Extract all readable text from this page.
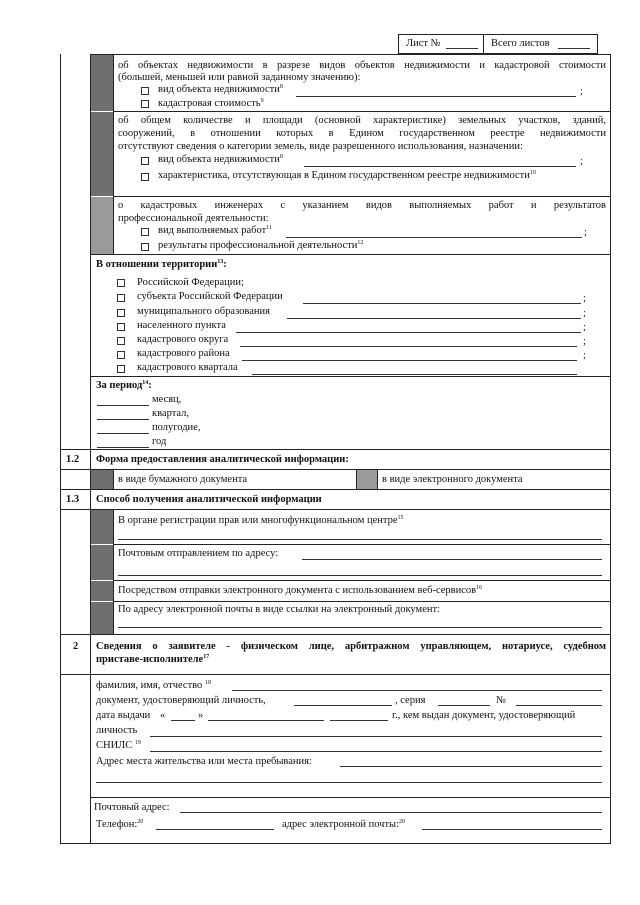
Лист №	Всего листов
об объектах недвижимости в разрезе видов объектов недвижимости и кадастровой стоимости
(большей, меньшей или равной заданному значению):
вид объекта недвижимости$^8$	;
кадастровая стоимость$^9$
об общем количестве и площади (основной характеристике) земельных участков, зданий,
сооружений, в отношении которых в Едином государственном реестре недвижимости
отсутствуют сведения о категории земель, виде разрешенного использования, назначении:
вид объекта недвижимости$^8$	;
характеристика, отсутствующая в Едином государственном реестре недвижимости$^{10}$
о кадастровых инженерах с указанием видов выполняемых работ и результатов
профессиональной деятельности:
вид выполняемых работ$^{11}$	;
результаты профессиональной деятельности$^{12}$
В отношении территории$^{13}$:
Российской Федерации;
субъекта Российской Федерации	;
муниципального образования	;
населенного пункта	;
кадастрового округа	;
кадастрового района	;
кадастрового квартала
За период$^{14}$:
месяц,
квартал,
полугодие,
год
1.2 Форма предоставления аналитической информации:
в виде бумажного документа	в виде электронного документа
1.3 Способ получения аналитической информации
В органе регистрации прав или многофункциональном центре$^{15}$
Почтовым отправлением по адресу:
Посредством отправки электронного документа с использованием веб-сервисов$^{16}$
По адресу электронной почты в виде ссылки на электронный документ:
2 Сведения о заявителе - физическом лице, арбитражном управляющем, нотариусе, судебном
приставе-исполнителе$^{17}$
фамилия, имя, отчество $^{18}$
документ, удостоверяющий личность,	, серия	№
дата выдачи «	»	г., кем выдан документ, удостоверяющий
личность
СНИЛС $^{19}$
Адрес места жительства или места пребывания:
Почтовый адрес:
Телефон:$^{20}$	адрес электронной почты:$^{20}$
